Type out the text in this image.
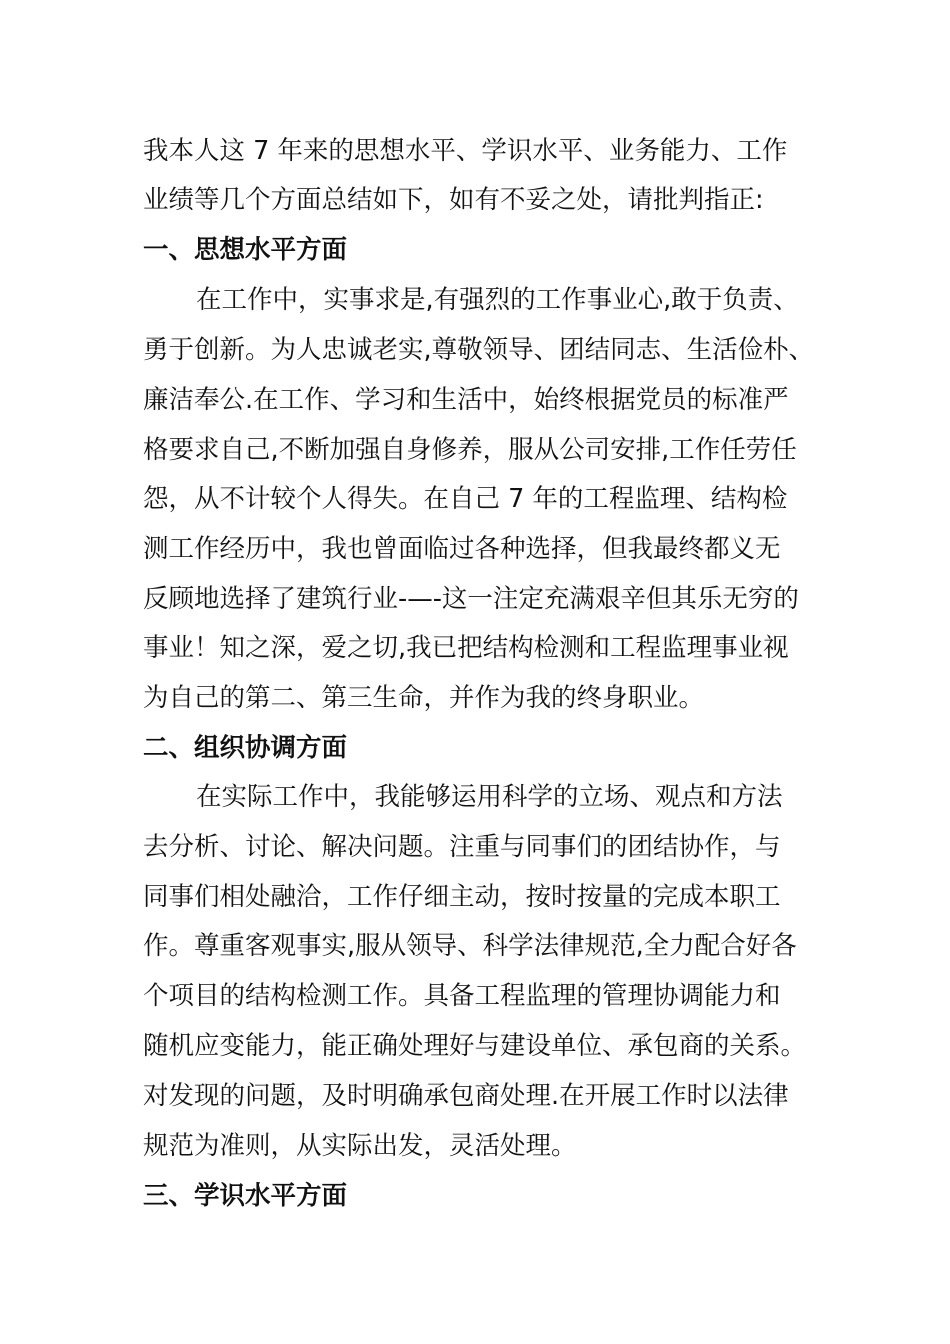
我本人这 7 年来的思想水平、学识水平、业务能力、工作
业绩等几个方面总结如下，如有不妥之处，请批判指正:
一、思想水平方面
在工作中，实事求是,有强烈的工作事业心,敢于负责、
勇于创新。为人忠诚老实,尊敬领导、团结同志、生活俭朴、
廉洁奉公.在工作、学习和生活中，始终根据党员的标准严
格要求自己,不断加强自身修养，服从公司安排,工作任劳任
怨，从不计较个人得失。在自己 7 年的工程监理、结构检
测工作经历中，我也曾面临过各种选择，但我最终都义无
反顾地选择了建筑行业-—-这一注定充满艰辛但其乐无穷的
事业！知之深，爱之切,我已把结构检测和工程监理事业视
为自己的第二、第三生命，并作为我的终身职业。
二、组织协调方面
在实际工作中，我能够运用科学的立场、观点和方法
去分析、讨论、解决问题。注重与同事们的团结协作，与
同事们相处融洽，工作仔细主动，按时按量的完成本职工
作。尊重客观事实,服从领导、科学法律规范,全力配合好各
个项目的结构检测工作。具备工程监理的管理协调能力和
随机应变能力，能正确处理好与建设单位、承包商的关系。
对发现的问题，及时明确承包商处理.在开展工作时以法律
规范为准则，从实际出发，灵活处理。
三、学识水平方面
